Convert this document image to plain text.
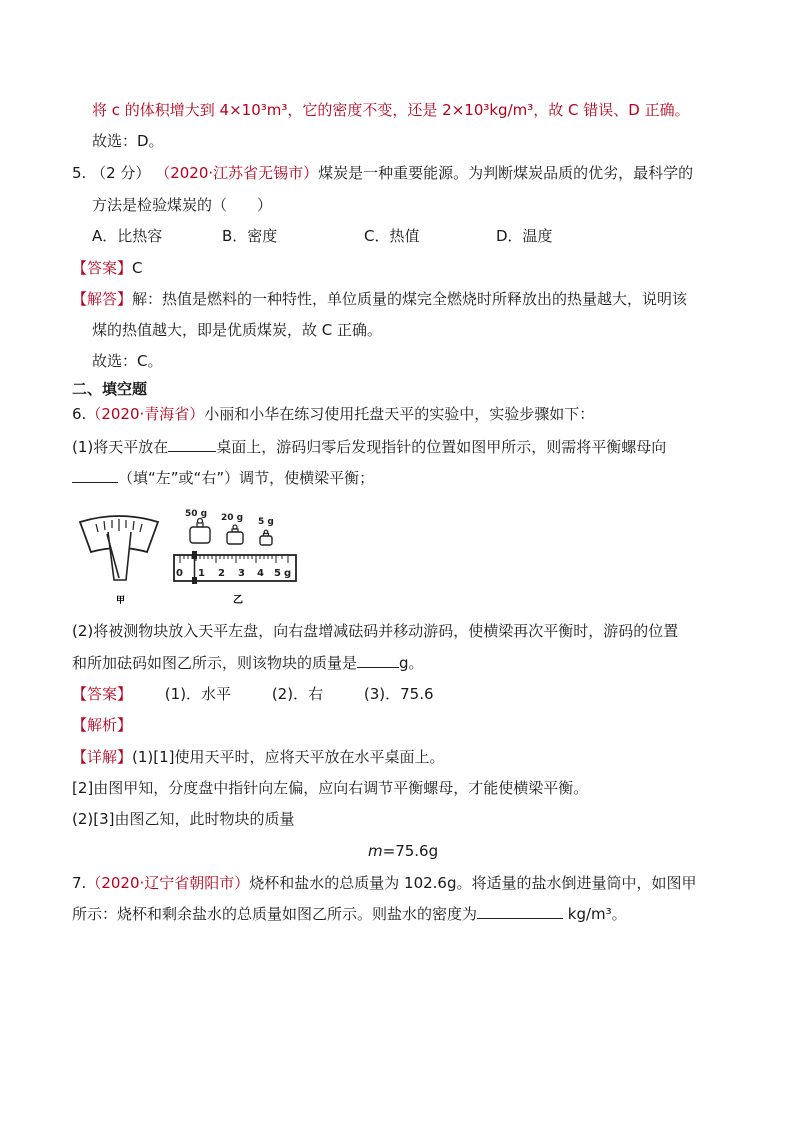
将 c 的体积增大到 4×10³m³，它的密度不变，还是 2×10³kg/m³，故 C 错误、D 正确。
故选：D。
5. （2 分） （2020·江苏省无锡市）煤炭是一种重要能源。为判断煤炭品质的优劣，最科学的
方法是检验煤炭的（　　）
A．比热容	B．密度	C．热值	D．温度
【答案】C
【解答】解：热值是燃料的一种特性，单位质量的煤完全燃烧时所释放出的热量越大，说明该
煤的热值越大，即是优质煤炭，故 C 正确。
故选：C。
二、填空题
6.（2020·青海省）小丽和小华在练习使用托盘天平的实验中，实验步骤如下：
(1)将天平放在	桌面上，游码归零后发现指针的位置如图甲所示，则需将平衡螺母向
（填“左”或“右”）调节，使横梁平衡；
甲
50 g 20 g 5 g
0 1 2 3 4 5 g
乙
(2)将被测物块放入天平左盘，向右盘增减砝码并移动游码，使横梁再次平衡时，游码的位置
和所加砝码如图乙所示，则该物块的质量是	g。
【答案】 (1)．水平	(2)．右	(3)．75.6
【解析】
【详解】(1)[1]使用天平时，应将天平放在水平桌面上。
[2]由图甲知，分度盘中指针向左偏，应向右调节平衡螺母，才能使横梁平衡。
(2)[3]由图乙知，此时物块的质量
m=75.6g
7.（2020·辽宁省朝阳市）烧杯和盐水的总质量为 102.6g。将适量的盐水倒进量筒中，如图甲
所示：烧杯和剩余盐水的总质量如图乙所示。则盐水的密度为	kg/m³。
